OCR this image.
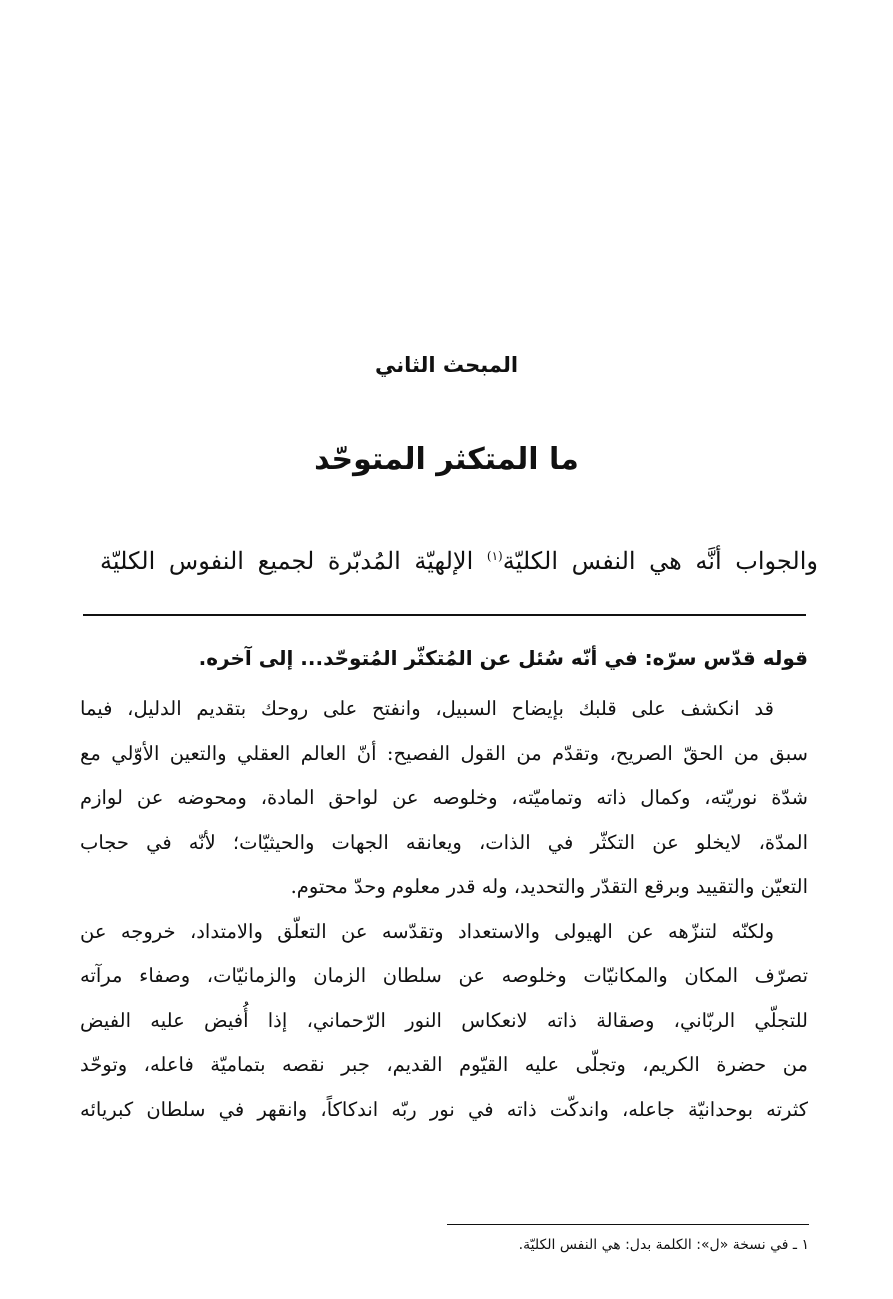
المبحث الثاني
ما المتكثر المتوحّد
والجواب أنَّه هي النفس الكليّة$^{(١)}$ الإلهيّة المُدبّرة لجميع النفوس الكليّة
قوله قدّس سرّه: في أنّه سُئل عن المُتكثّر المُتوحّد... إلى آخره.
قد انكشف على قلبك بإيضاح السبيل، وانفتح على روحك بتقديم الدليل، فيما
سبق من الحقّ الصريح، وتقدّم من القول الفصيح: أنّ العالم العقلي والتعين الأوّلي مع
شدّة نوريّته، وكمال ذاته وتماميّته، وخلوصه عن لواحق المادة، ومحوضه عن لوازم
المدّة، لايخلو عن التكثّر في الذات، ويعانقه الجهات والحيثيّات؛ لأنّه في حجاب
التعيّن والتقييد وبرقع التقدّر والتحديد، وله قدر معلوم وحدّ محتوم.
ولكنّه لتنزّهه عن الهيولى والاستعداد وتقدّسه عن التعلّق والامتداد، خروجه عن
تصرّف المكان والمكانيّات وخلوصه عن سلطان الزمان والزمانيّات، وصفاء مرآته
للتجلّي الربّاني، وصقالة ذاته لانعكاس النور الرّحماني، إذا أُفيض عليه الفيض
من حضرة الكريم، وتجلّى عليه القيّوم القديم، جبر نقصه بتماميّة فاعله، وتوحّد
كثرته بوحدانيّة جاعله، واندكّت ذاته في نور ربّه اندكاكاً، وانقهر في سلطان كبريائه
١ ـ في نسخة «ل»: الكلمة بدل: هي النفس الكليّة.
